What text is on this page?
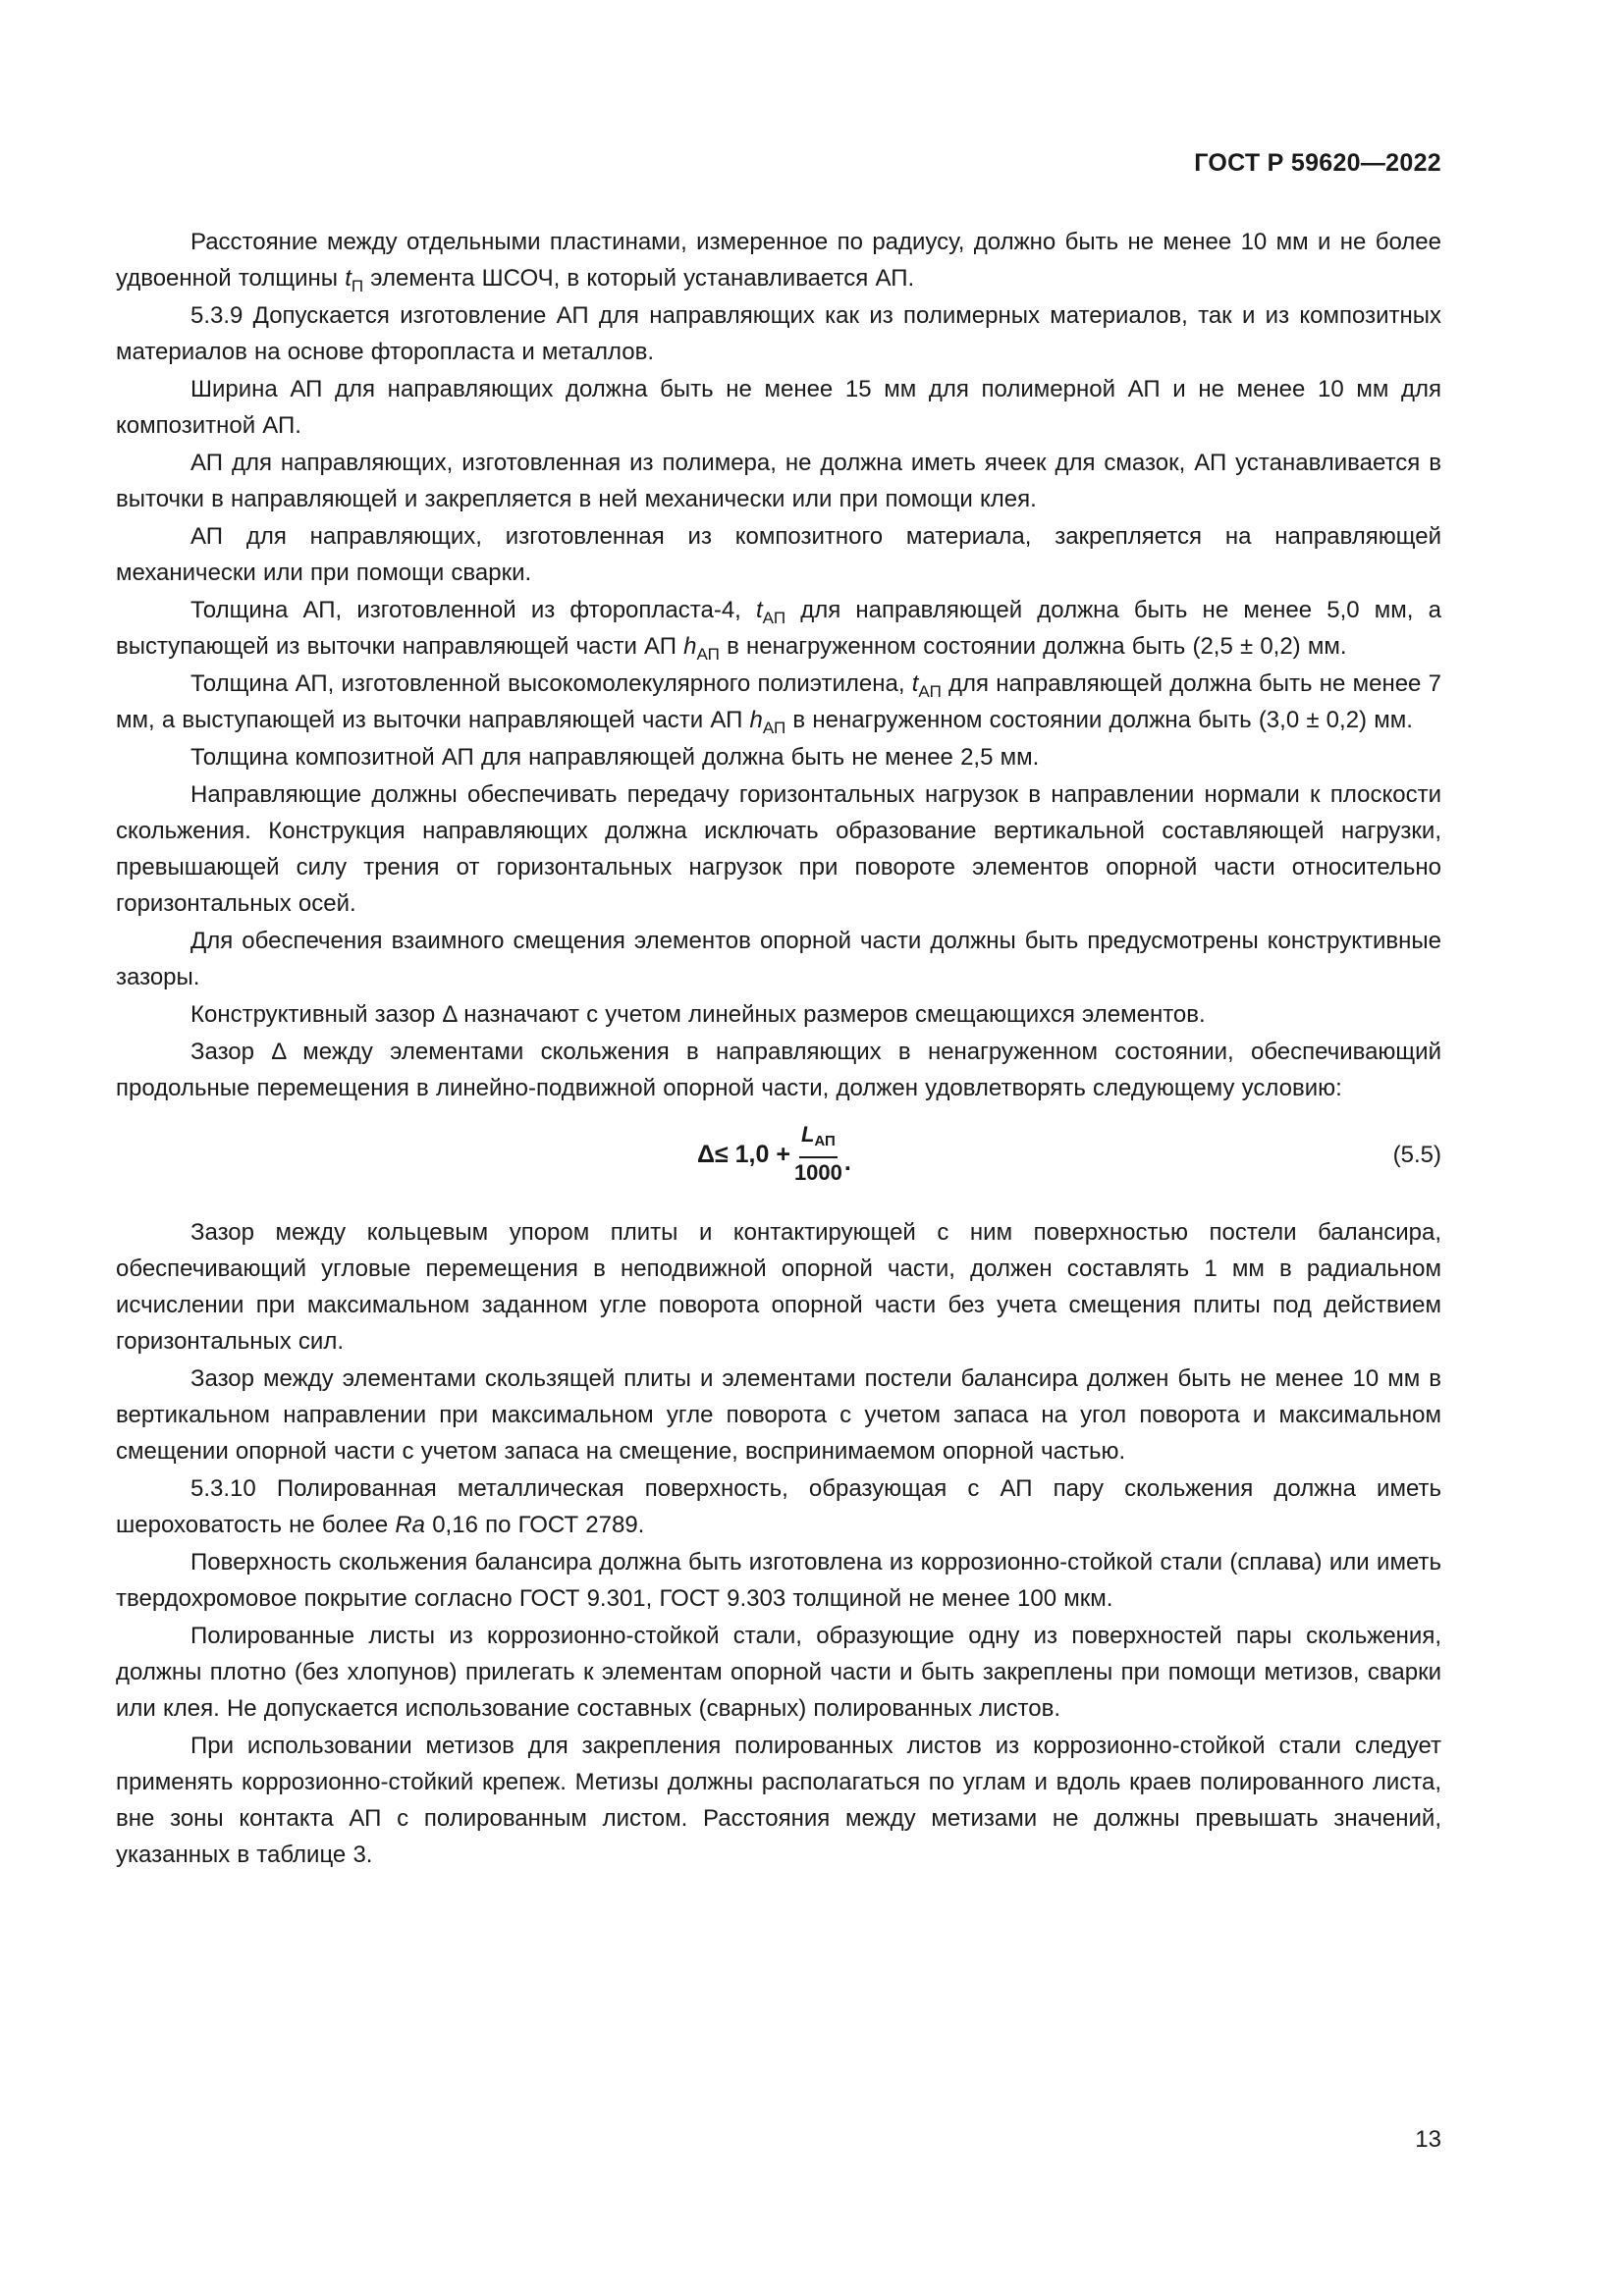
ГОСТ Р 59620—2022

Расстояние между отдельными пластинами, измеренное по радиусу, должно быть не менее 10 мм и не более удвоенной толщины $t_П$ элемента ШСОЧ, в который устанавливается АП.

5.3.9 Допускается изготовление АП для направляющих как из полимерных материалов, так и из композитных материалов на основе фторопласта и металлов.

Ширина АП для направляющих должна быть не менее 15 мм для полимерной АП и не менее 10 мм для композитной АП.

АП для направляющих, изготовленная из полимера, не должна иметь ячеек для смазок, АП устанавливается в выточки в направляющей и закрепляется в ней механически или при помощи клея.

АП для направляющих, изготовленная из композитного материала, закрепляется на направляющей механически или при помощи сварки.

Толщина АП, изготовленной из фторопласта-4, $t_{АП}$ для направляющей должна быть не менее 5,0 мм, а выступающей из выточки направляющей части АП $h_{АП}$ в ненагруженном состоянии должна быть (2,5 ± 0,2) мм.

Толщина АП, изготовленной высокомолекулярного полиэтилена, $t_{АП}$ для направляющей должна быть не менее 7 мм, а выступающей из выточки направляющей части АП $h_{АП}$ в ненагруженном состоянии должна быть (3,0 ± 0,2) мм.

Толщина композитной АП для направляющей должна быть не менее 2,5 мм.

Направляющие должны обеспечивать передачу горизонтальных нагрузок в направлении нормали к плоскости скольжения. Конструкция направляющих должна исключать образование вертикальной составляющей нагрузки, превышающей силу трения от горизонтальных нагрузок при повороте элементов опорной части относительно горизонтальных осей.

Для обеспечения взаимного смещения элементов опорной части должны быть предусмотрены конструктивные зазоры.

Конструктивный зазор Δ назначают с учетом линейных размеров смещающихся элементов.

Зазор Δ между элементами скольжения в направляющих в ненагруженном состоянии, обеспечивающий продольные перемещения в линейно-подвижной опорной части, должен удовлетворять следующему условию:

$\Delta\le 1,0 + \frac{L_{АП}}{1000}$ .	(5.5)

Зазор между кольцевым упором плиты и контактирующей с ним поверхностью постели балансира, обеспечивающий угловые перемещения в неподвижной опорной части, должен составлять 1 мм в радиальном исчислении при максимальном заданном угле поворота опорной части без учета смещения плиты под действием горизонтальных сил.

Зазор между элементами скользящей плиты и элементами постели балансира должен быть не менее 10 мм в вертикальном направлении при максимальном угле поворота с учетом запаса на угол поворота и максимальном смещении опорной части с учетом запаса на смещение, воспринимаемом опорной частью.

5.3.10 Полированная металлическая поверхность, образующая с АП пару скольжения должна иметь шероховатость не более Ra 0,16 по ГОСТ 2789.

Поверхность скольжения балансира должна быть изготовлена из коррозионно-стойкой стали (сплава) или иметь твердохромовое покрытие согласно ГОСТ 9.301, ГОСТ 9.303 толщиной не менее 100 мкм.

Полированные листы из коррозионно-стойкой стали, образующие одну из поверхностей пары скольжения, должны плотно (без хлопунов) прилегать к элементам опорной части и быть закреплены при помощи метизов, сварки или клея. Не допускается использование составных (сварных) полированных листов.

При использовании метизов для закрепления полированных листов из коррозионно-стойкой стали следует применять коррозионно-стойкий крепеж. Метизы должны располагаться по углам и вдоль краев полированного листа, вне зоны контакта АП с полированным листом. Расстояния между метизами не должны превышать значений, указанных в таблице 3.

13
